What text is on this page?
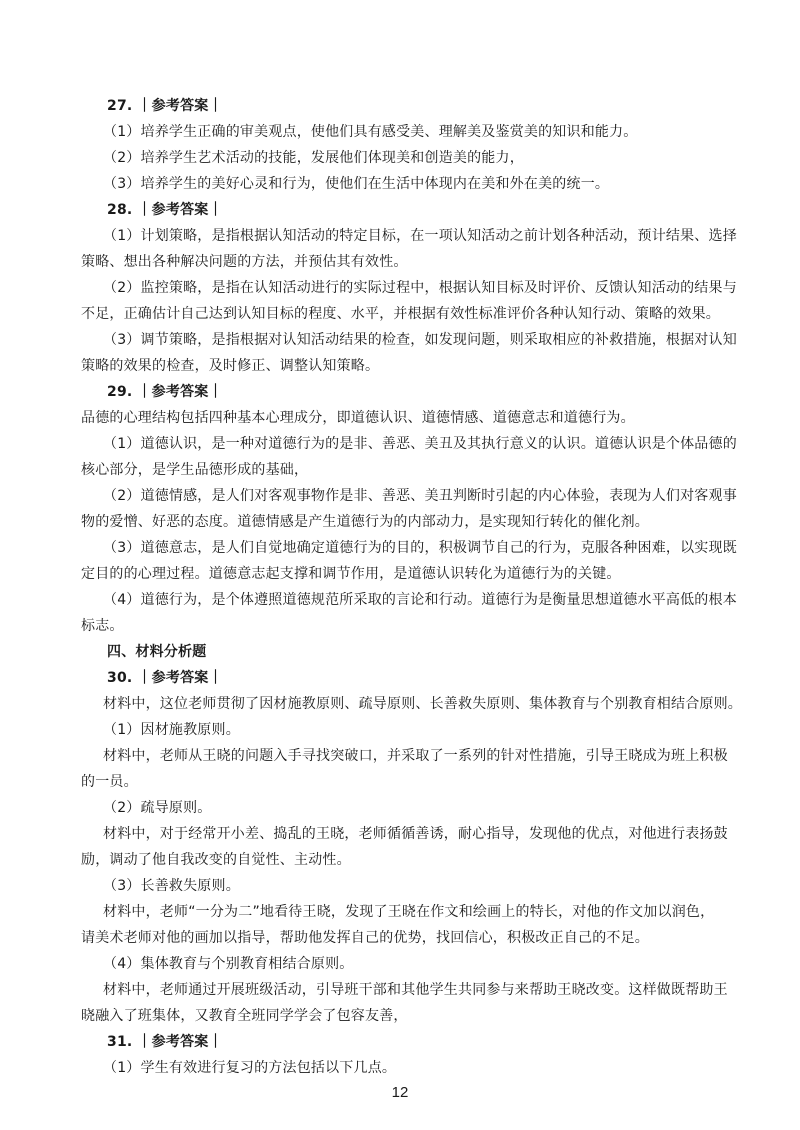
27. ｜参考答案｜
（1）培养学生正确的审美观点，使他们具有感受美、理解美及鉴赏美的知识和能力。
（2）培养学生艺术活动的技能，发展他们体现美和创造美的能力，
（3）培养学生的美好心灵和行为，使他们在生活中体现内在美和外在美的统一。
28. ｜参考答案｜
（1）计划策略，是指根据认知活动的特定目标，在一项认知活动之前计划各种活动，预计结果、选择
策略、想出各种解决问题的方法，并预估其有效性。
（2）监控策略，是指在认知活动进行的实际过程中，根据认知目标及时评价、反馈认知活动的结果与
不足，正确估计自己达到认知目标的程度、水平，并根据有效性标准评价各种认知行动、策略的效果。
（3）调节策略，是指根据对认知活动结果的检查，如发现问题，则采取相应的补救措施，根据对认知
策略的效果的检查，及时修正、调整认知策略。
29. ｜参考答案｜
品德的心理结构包括四种基本心理成分，即道德认识、道德情感、道德意志和道德行为。
（1）道德认识，是一种对道德行为的是非、善恶、美丑及其执行意义的认识。道德认识是个体品德的
核心部分，是学生品德形成的基础，
（2）道德情感，是人们对客观事物作是非、善恶、美丑判断时引起的内心体验，表现为人们对客观事
物的爱憎、好恶的态度。道德情感是产生道德行为的内部动力，是实现知行转化的催化剂。
（3）道德意志，是人们自觉地确定道德行为的目的，积极调节自己的行为，克服各种困难，以实现既
定目的的心理过程。道德意志起支撑和调节作用，是道德认识转化为道德行为的关键。
（4）道德行为，是个体遵照道德规范所采取的言论和行动。道德行为是衡量思想道德水平高低的根本
标志。
四、材料分析题
30. ｜参考答案｜
材料中，这位老师贯彻了因材施教原则、疏导原则、长善救失原则、集体教育与个别教育相结合原则。
（1）因材施教原则。
材料中，老师从王晓的问题入手寻找突破口，并采取了一系列的针对性措施，引导王晓成为班上积极
的一员。
（2）疏导原则。
材料中，对于经常开小差、捣乱的王晓，老师循循善诱，耐心指导，发现他的优点，对他进行表扬鼓
励，调动了他自我改变的自觉性、主动性。
（3）长善救失原则。
材料中，老师“一分为二”地看待王晓，发现了王晓在作文和绘画上的特长，对他的作文加以润色，
请美术老师对他的画加以指导，帮助他发挥自己的优势，找回信心，积极改正自己的不足。
（4）集体教育与个别教育相结合原则。
材料中，老师通过开展班级活动，引导班干部和其他学生共同参与来帮助王晓改变。这样做既帮助王
晓融入了班集体，又教育全班同学学会了包容友善，
31. ｜参考答案｜
（1）学生有效进行复习的方法包括以下几点。
12
